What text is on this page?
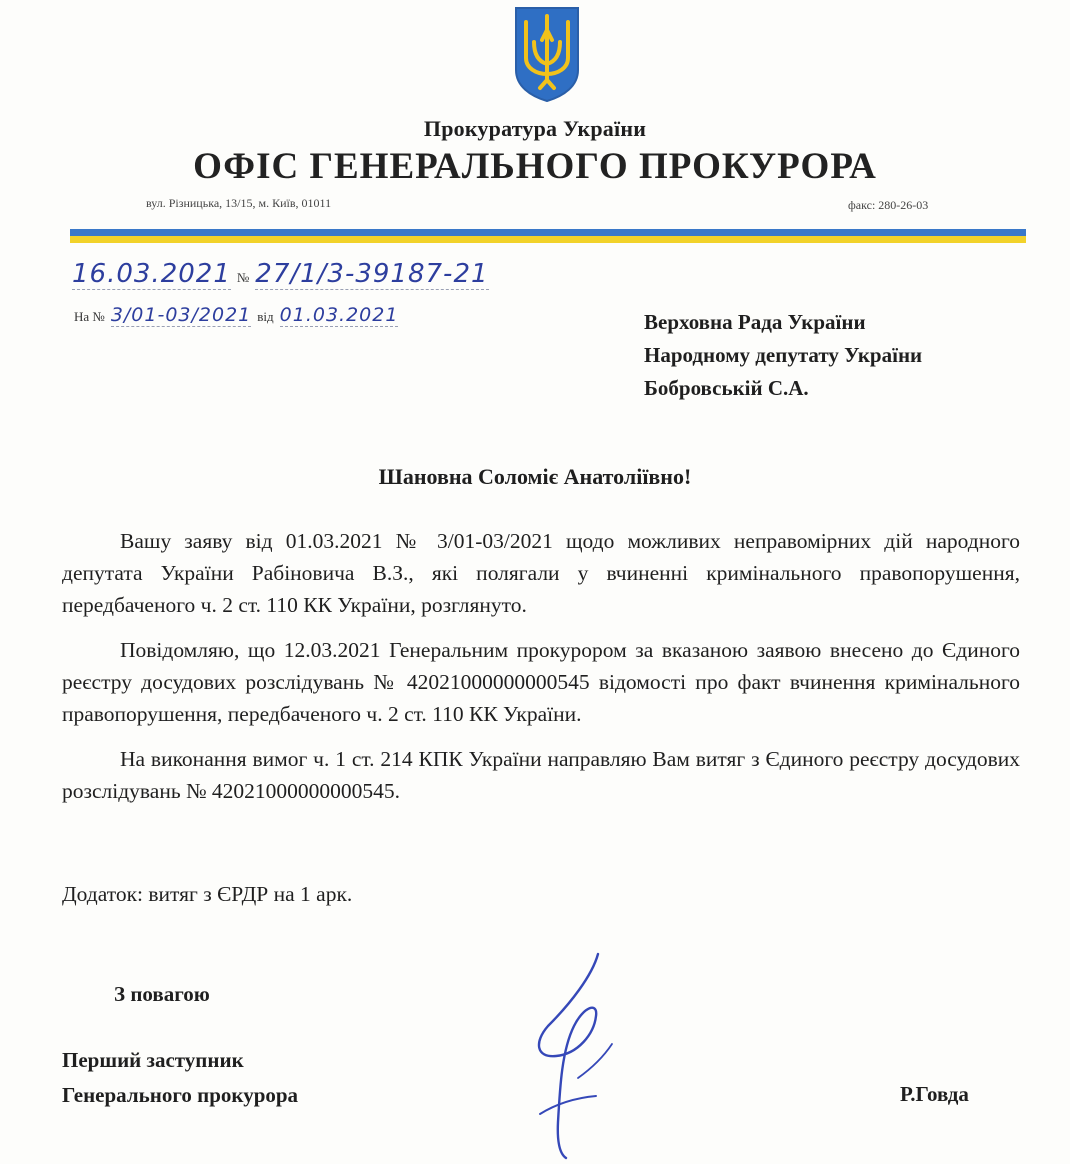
Прокуратура України
ОФІС ГЕНЕРАЛЬНОГО ПРОКУРОРА
вул. Різницька, 13/15, м. Київ, 01011	факс: 280-26-03
16.03.2021 № 27/1/3-39187-21
На № 3/01-03/2021 від 01.03.2021	Верховна Рада України
Народному депутату України
Бобровській С.А.
Шановна Соломіє Анатоліївно!

Вашу заяву від 01.03.2021 № 3/01-03/2021 щодо можливих неправомірних дій народного депутата України Рабіновича В.З., які полягали у вчиненні кримінального правопорушення, передбаченого ч. 2 ст. 110 КК України, розглянуто.

Повідомляю, що 12.03.2021 Генеральним прокурором за вказаною заявою внесено до Єдиного реєстру досудових розслідувань № 42021000000000545 відомості про факт вчинення кримінального правопорушення, передбаченого ч. 2 ст. 110 КК України.

На виконання вимог ч. 1 ст. 214 КПК України направляю Вам витяг з Єдиного реєстру досудових розслідувань № 42021000000000545.

Додаток: витяг з ЄРДР на 1 арк.
З повагою
Перший заступник
Генерального прокурора	Р.Говда
